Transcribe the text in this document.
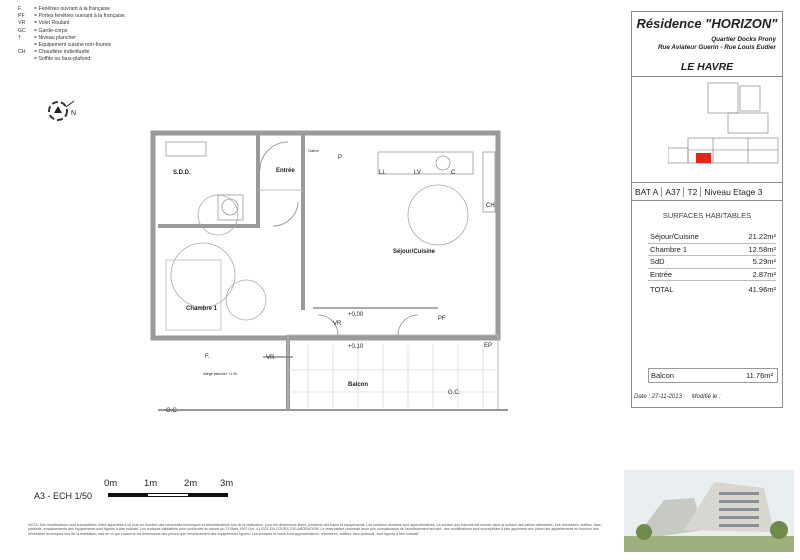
F.	= Fenêtres ouvrant à la française
PF	= Portes fenêtres ouvrant à la française.
VR	= Volet Roulant
GC	= Garde-corps
†	= Niveau plancher
= Equipement cuisine non-fournis
CH	= Chaudière individuelle
= Soffite ou faux-plafond
N
S.D.D.	Entrée
Séjour/Cuisine
Chambre 1
Balcon
VR
VR
PF
F.
G.C.
G.C.
LL	LV	C
CH
EP
+0.00
+0.10
P
Gaine
Allège plancher +1.00
0m	1m	2m 3m
A3 - ECH 1/50
NOTA: Des modifications sont susceptibles d'être apportées à ce plan en fonction des nécessités techniques et administratives lors de la réalisation, pour les dimensions libres, positions des baies et équipements. Les surfaces données sont approximatives. La surface des balcons est incluse dans la surface des pièces attenantes. Les retombées, soffites, faux-plafonds, emplacements des équipements sont figurés à titre indicatif. Les surfaces habitables sont conformes au décret du 23 Mars 1997 (Art. 4.) DCE EN COURS D'ELABORATION. Le réservataire reconnait avoir pris connaissance de l'avertissement suivant : des modifications sont susceptibles d'être apportées aux plans des appartements en fonction des nécessités techniques lors de la réalisation, tant en ce qui concerne les dimensions des pièces que l'emplacement des équipements figurés. Les surfaces et cotes sont approximatives, retombées, soffites, faux-plafonds, sont figurés à titre indicatif.
Résidence "HORIZON"
Quartier Docks Prony
Rue Aviateur Guerin - Rue Louis Eudier
LE HAVRE
BAT A A37 T2 Niveau Etage 3
SURFACES HABITABLES
Séjour/Cuisine	21.22m²
Chambre 1	12.58m²
SdD	5.29m²
Entrée	2.87m²
TOTAL	41.96m²
Balcon	11.76m²
Date : 27-11-2013 Modifié le :
